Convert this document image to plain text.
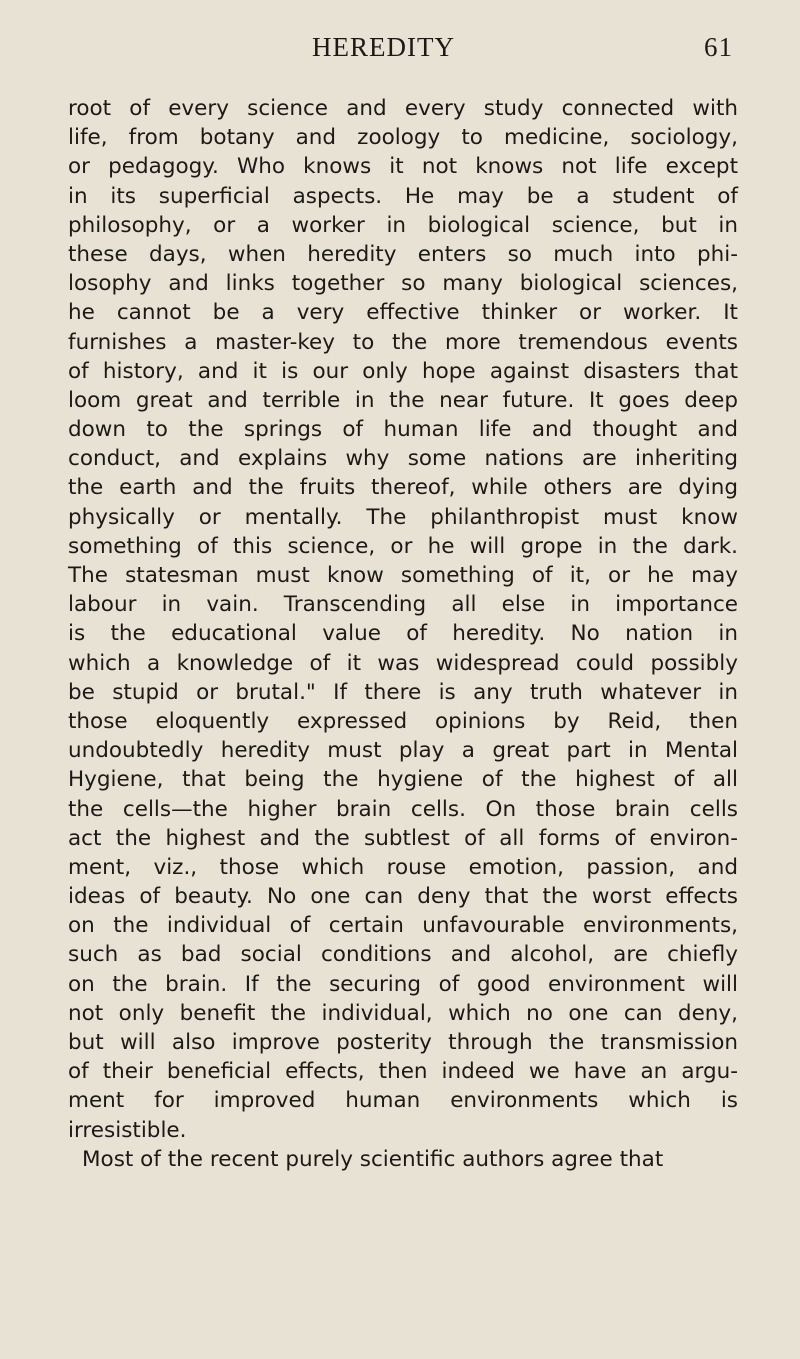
HEREDITY	61
root of every science and every study connected with
life, from botany and zoology to medicine, sociology,
or pedagogy. Who knows it not knows not life except
in its superficial aspects. He may be a student of
philosophy, or a worker in biological science, but in
these days, when heredity enters so much into phi-
losophy and links together so many biological sciences,
he cannot be a very effective thinker or worker. It
furnishes a master-key to the more tremendous events
of history, and it is our only hope against disasters that
loom great and terrible in the near future. It goes deep
down to the springs of human life and thought and
conduct, and explains why some nations are inheriting
the earth and the fruits thereof, while others are dying
physically or mentally. The philanthropist must know
something of this science, or he will grope in the dark.
The statesman must know something of it, or he may
labour in vain. Transcending all else in importance
is the educational value of heredity. No nation in
which a knowledge of it was widespread could possibly
be stupid or brutal." If there is any truth whatever in
those eloquently expressed opinions by Reid, then
undoubtedly heredity must play a great part in Mental
Hygiene, that being the hygiene of the highest of all
the cells—the higher brain cells. On those brain cells
act the highest and the subtlest of all forms of environ-
ment, viz., those which rouse emotion, passion, and
ideas of beauty. No one can deny that the worst effects
on the individual of certain unfavourable environments,
such as bad social conditions and alcohol, are chiefly
on the brain. If the securing of good environment will
not only benefit the individual, which no one can deny,
but will also improve posterity through the transmission
of their beneficial effects, then indeed we have an argu-
ment for improved human environments which is
irresistible.
Most of the recent purely scientific authors agree that
